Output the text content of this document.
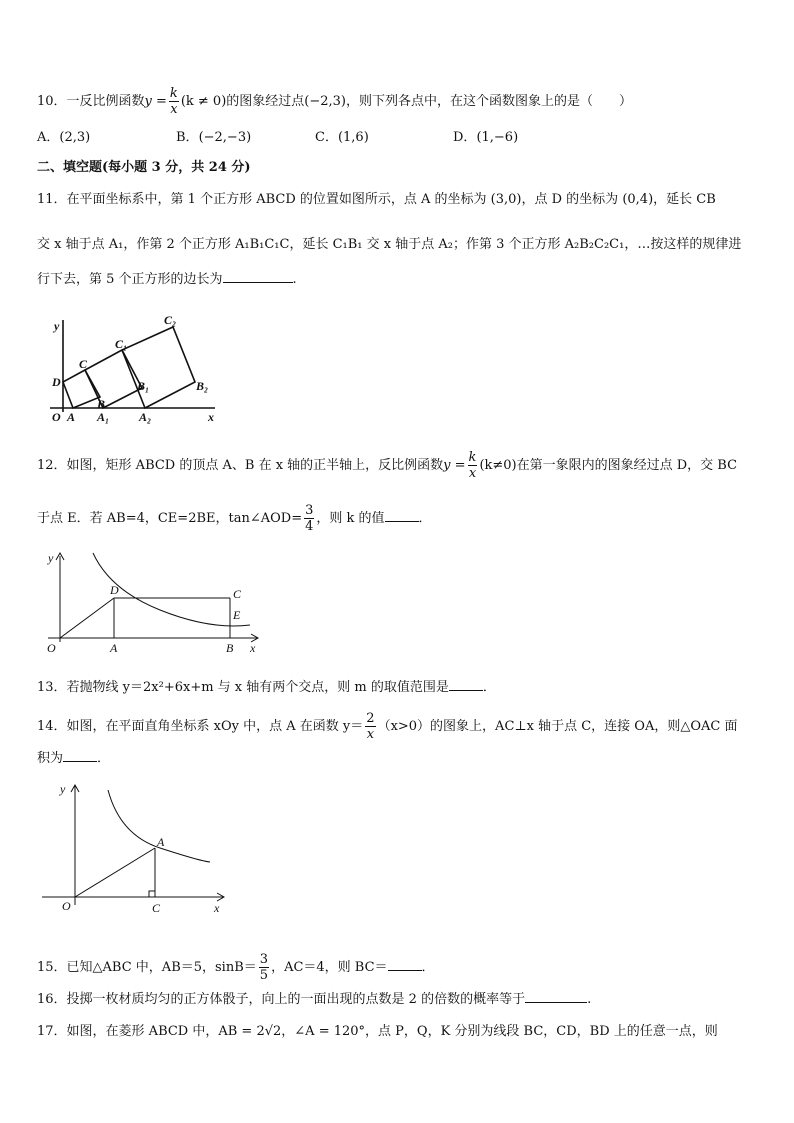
10．一反比例函数$y = \frac{k}{x} (k \ne 0)$的图象经过点(−2,3)，则下列各点中，在这个函数图象上的是（　　）
A．(2,3)	B．(−2,−3)	C．(1,6)	D．(1,−6)
二、填空题(每小题 3 分，共 24 分)
11．在平面坐标系中，第 1 个正方形 ABCD 的位置如图所示，点 A 的坐标为 (3,0)，点 D 的坐标为 (0,4)，延长 CB
交 x 轴于点 A₁，作第 2 个正方形 A₁B₁C₁C，延长 C₁B₁ 交 x 轴于点 A₂；作第 3 个正方形 A₂B₂C₂C₁，…按这样的规律进
行下去，第 5 个正方形的边长为	.
y
x
O A
B
C
D
A₁
B₁
C₁
A₂
B₂
C₂
y
x
O	A	B
C
D
E
y
x
O	C
A
12．如图，矩形 ABCD 的顶点 A、B 在 x 轴的正半轴上，反比例函数$y = \frac{k}{x} (k\ne 0)$在第一象限内的图象经过点 D，交 BC
于点 E．若 AB=4，CE=2BE，tan∠AOD= $\frac{3}{4}$ ，则 k 的值	．
13．若抛物线 y＝2x²+6x+m 与 x 轴有两个交点，则 m 的取值范围是	．
14．如图，在平面直角坐标系 xOy 中，点 A 在函数 $y= \frac{2}{x} (x>0)$的图象上，AC⊥x 轴于点 C，连接 OA，则△OAC 面
积为	．
15．已知△ABC 中，AB＝5，$\sin B= \frac{3}{5}$ ，AC＝4，则 BC＝	．
16．投掷一枚材质均匀的正方体骰子，向上的一面出现的点数是 2 的倍数的概率等于	.
17．如图，在菱形 ABCD 中，AB = 2√2，∠A = 120°，点 P，Q，K 分别为线段 BC，CD，BD 上的任意一点，则
